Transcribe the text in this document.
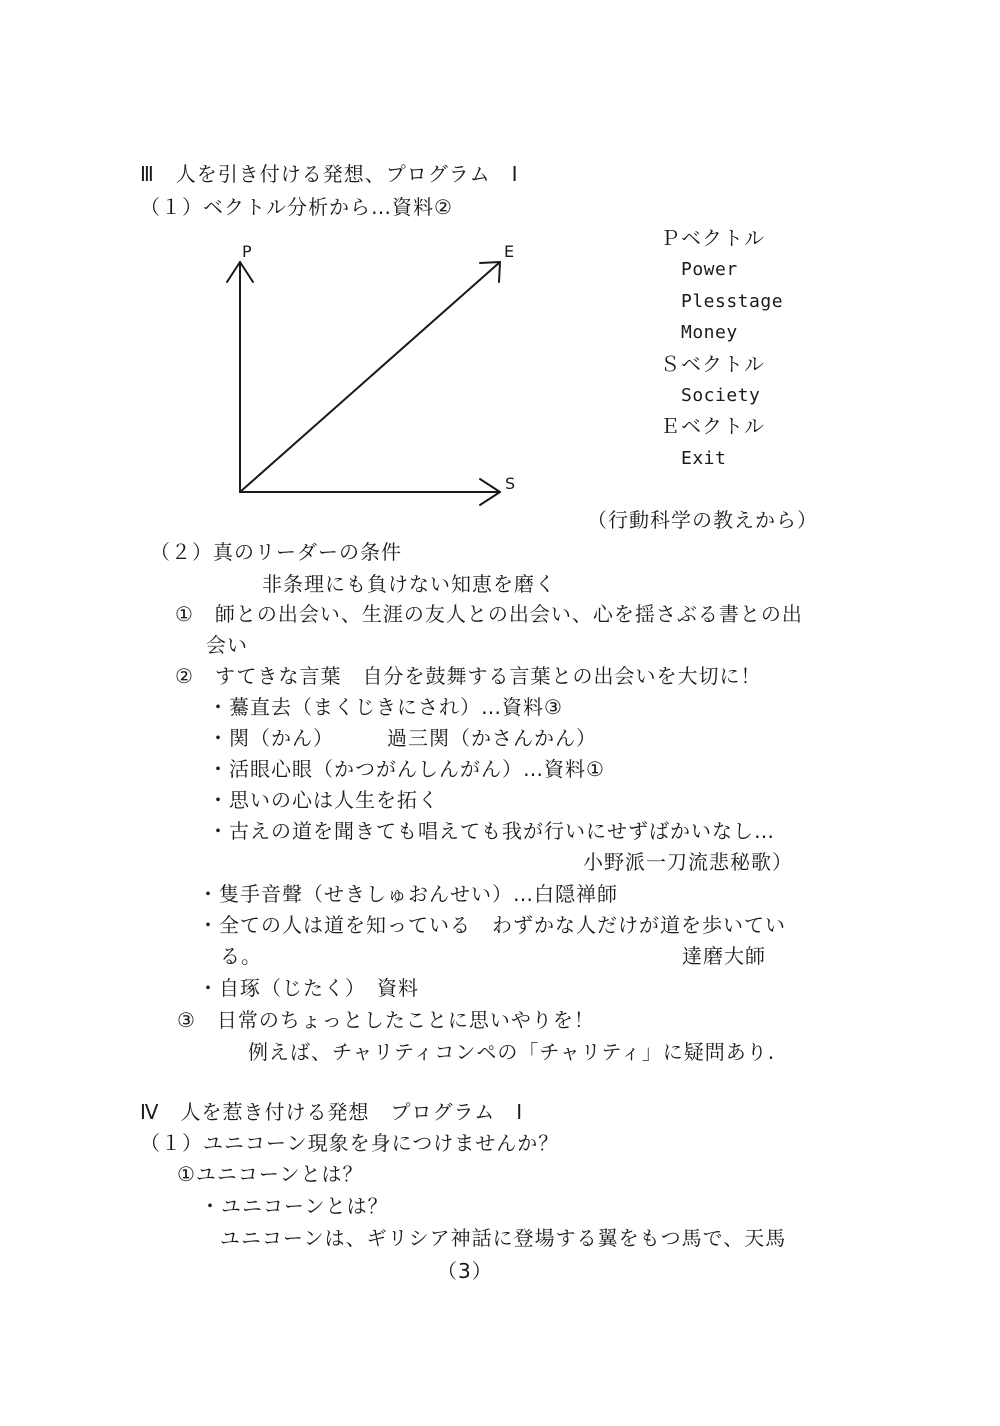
P	E
S
Ⅲ　人を引き付ける発想、プログラム　Ⅰ
（１）ベクトル分析から…資料②
Ｐベクトル
Power
Plesstage
Money
Ｓベクトル
Society
Ｅベクトル
Exit
（行動科学の教えから）
（２）真のリーダーの条件
非条理にも負けない知恵を磨く
①　師との出会い、生涯の友人との出会い、心を揺さぶる書との出
会い
②　すてきな言葉　自分を鼓舞する言葉との出会いを大切に！
・驀直去（まくじきにされ）…資料③
・関（かん）　　　過三関（かさんかん）
・活眼心眼（かつがんしんがん）…資料①
・思いの心は人生を拓く
・古えの道を聞きても唱えても我が行いにせずばかいなし…
小野派一刀流悲秘歌）
・隻手音聲（せきしゅおんせい）…白隠禅師
・全ての人は道を知っている　わずかな人だけが道を歩いてい
る。	達磨大師
・自琢（じたく）　資料
③　日常のちょっとしたことに思いやりを！
例えば、チャリティコンペの「チャリティ」に疑問あり.
Ⅳ　人を惹き付ける発想　プログラム　Ⅰ
（１）ユニコーン現象を身につけませんか？
①ユニコーンとは？
・ユニコーンとは？
ユニコーンは、ギリシア神話に登場する翼をもつ馬で、天馬
（3）
